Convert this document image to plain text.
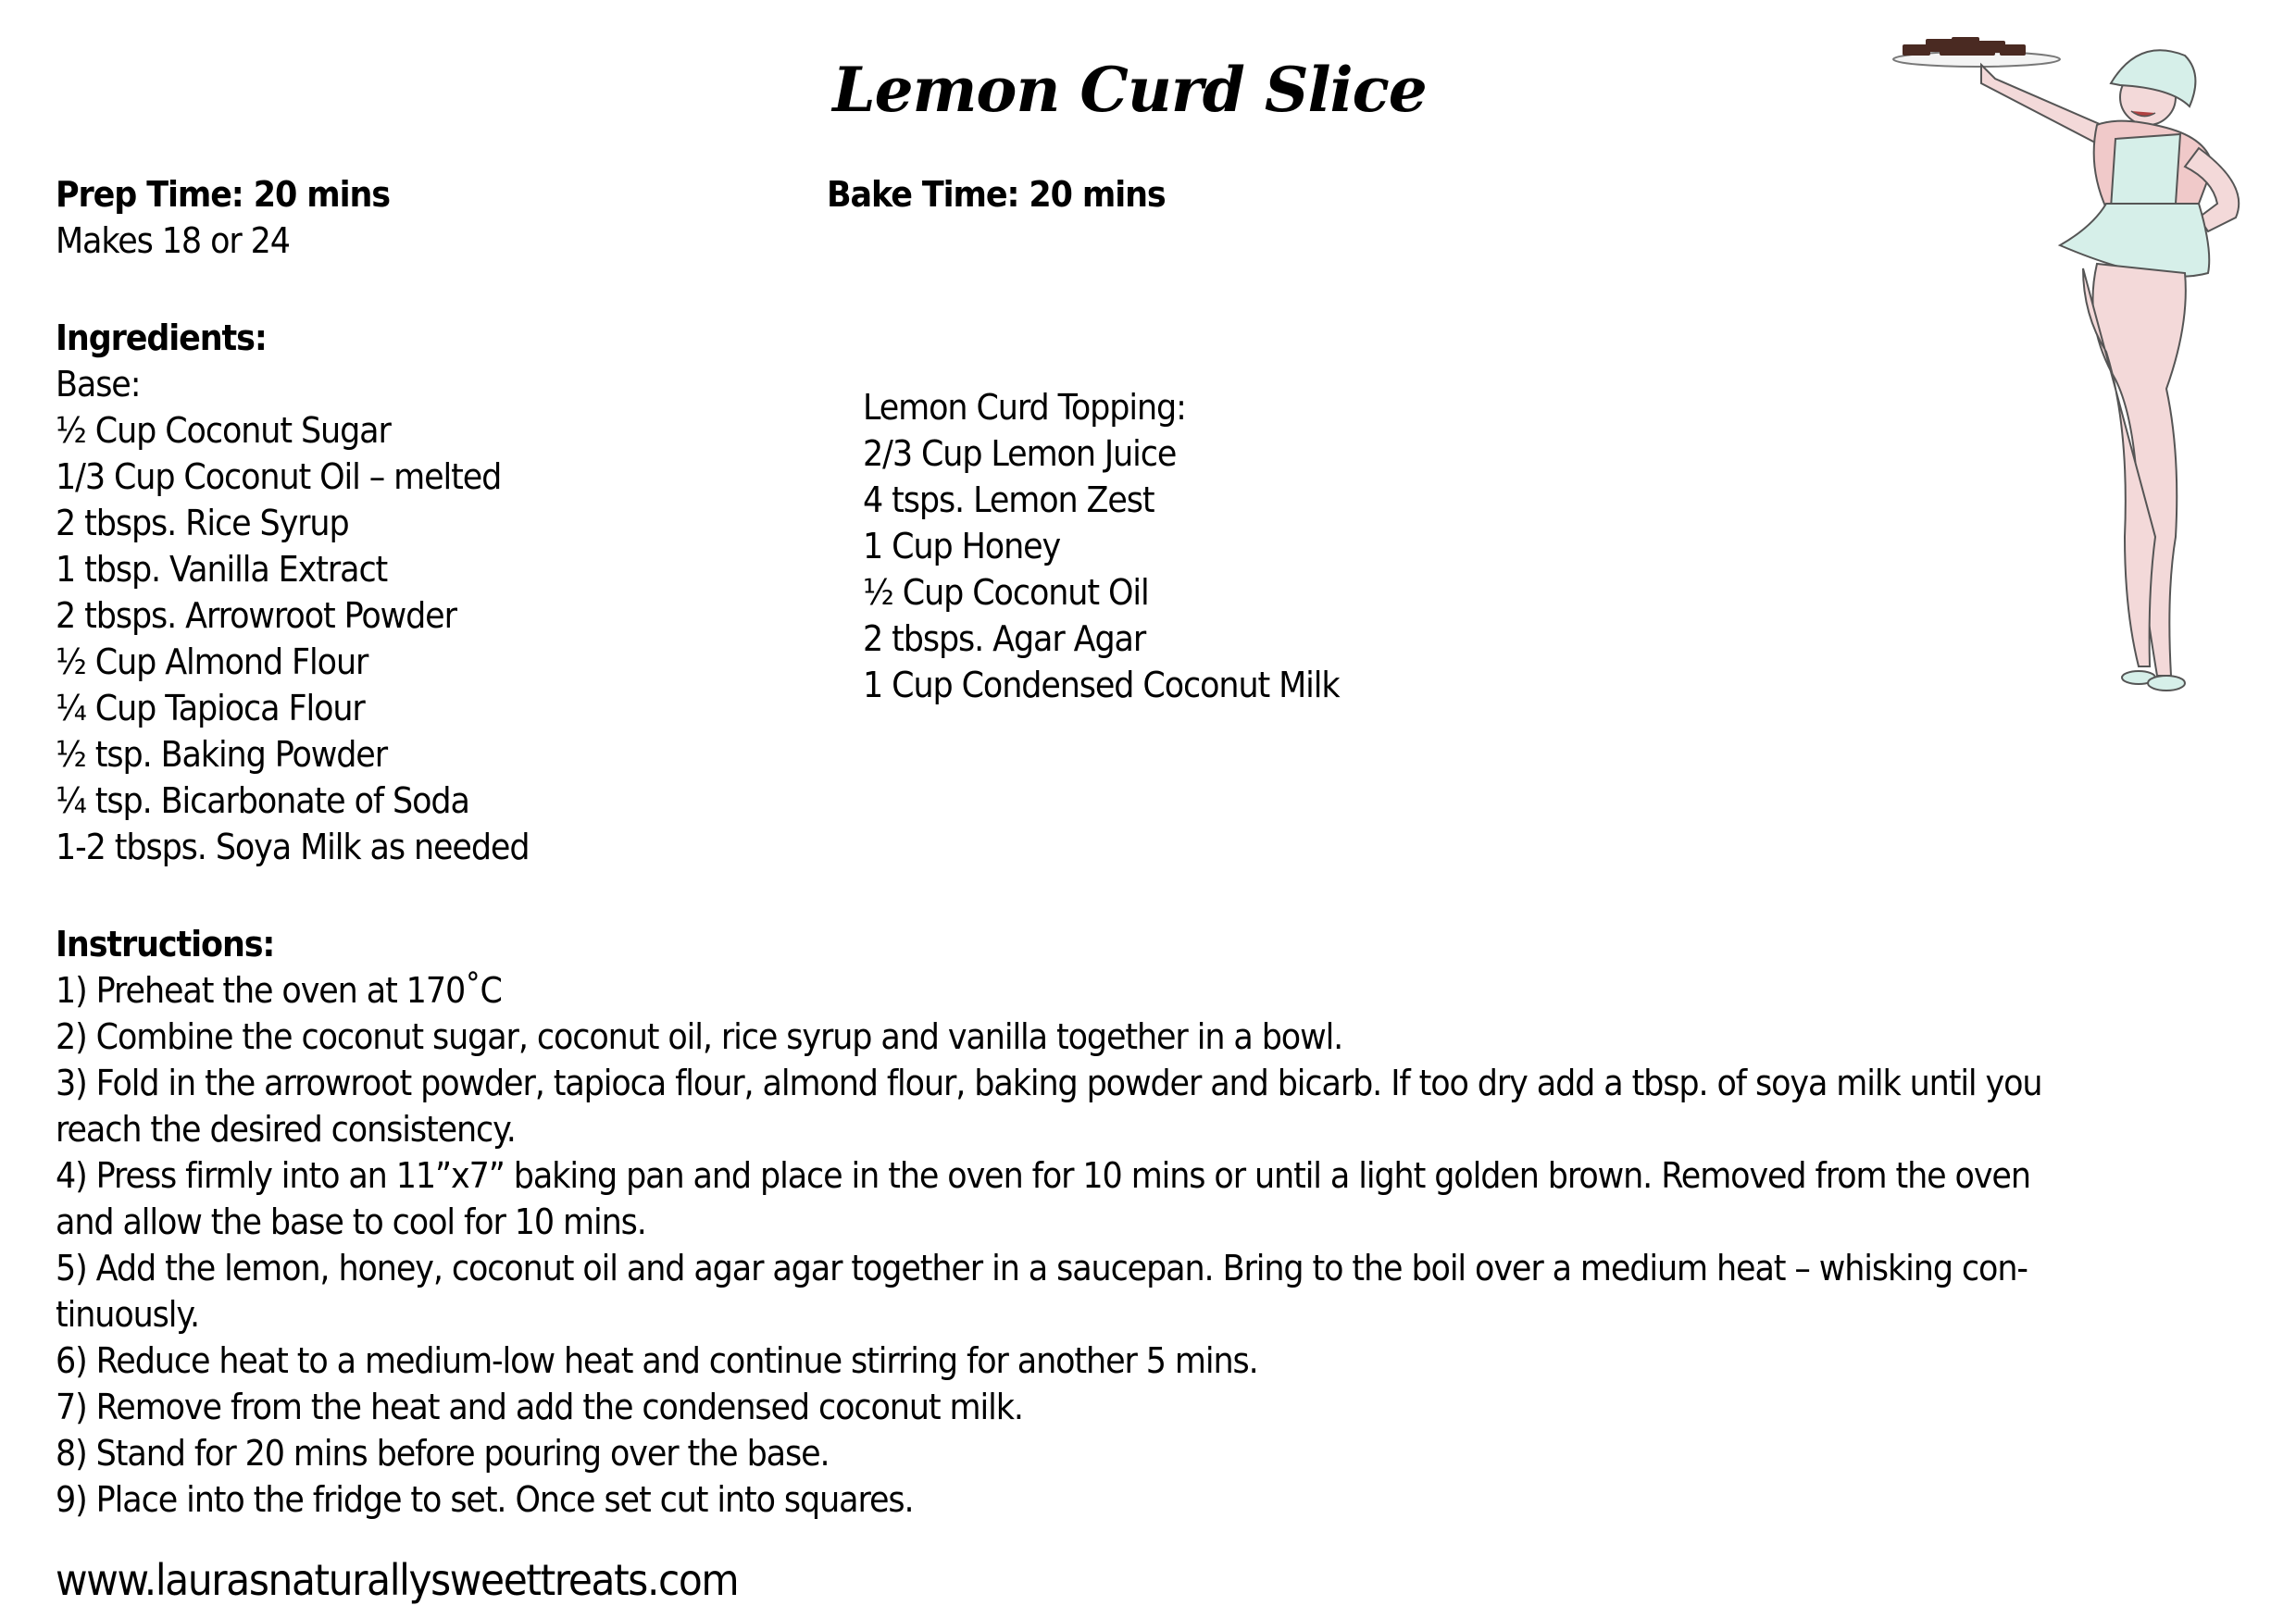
Lemon Curd Slice
Prep Time: 20 mins	Bake Time: 20 mins
Makes 18 or 24
Ingredients:
Base:
½ Cup Coconut Sugar
1/3 Cup Coconut Oil – melted
2 tbsps. Rice Syrup
1 tbsp. Vanilla Extract
2 tbsps. Arrowroot Powder
½ Cup Almond Flour
¼ Cup Tapioca Flour
½ tsp. Baking Powder
¼ tsp. Bicarbonate of Soda
1-2 tbsps. Soya Milk as needed
Lemon Curd Topping:
2/3 Cup Lemon Juice
4 tsps. Lemon Zest
1 Cup Honey
½ Cup Coconut Oil
2 tbsps. Agar Agar
1 Cup Condensed Coconut Milk
Instructions:
1) Preheat the oven at 170˚C
2) Combine the coconut sugar, coconut oil, rice syrup and vanilla together in a bowl.
3) Fold in the arrowroot powder, tapioca flour, almond flour, baking powder and bicarb. If too dry add a tbsp. of soya milk until you
reach the desired consistency.
4) Press firmly into an 11”x7” baking pan and place in the oven for 10 mins or until a light golden brown. Removed from the oven
and allow the base to cool for 10 mins.
5) Add the lemon, honey, coconut oil and agar agar together in a saucepan. Bring to the boil over a medium heat – whisking con-
tinuously.
6) Reduce heat to a medium-low heat and continue stirring for another 5 mins.
7) Remove from the heat and add the condensed coconut milk.
8) Stand for 20 mins before pouring over the base.
9) Place into the fridge to set. Once set cut into squares.
www.laurasnaturallysweettreats.com
